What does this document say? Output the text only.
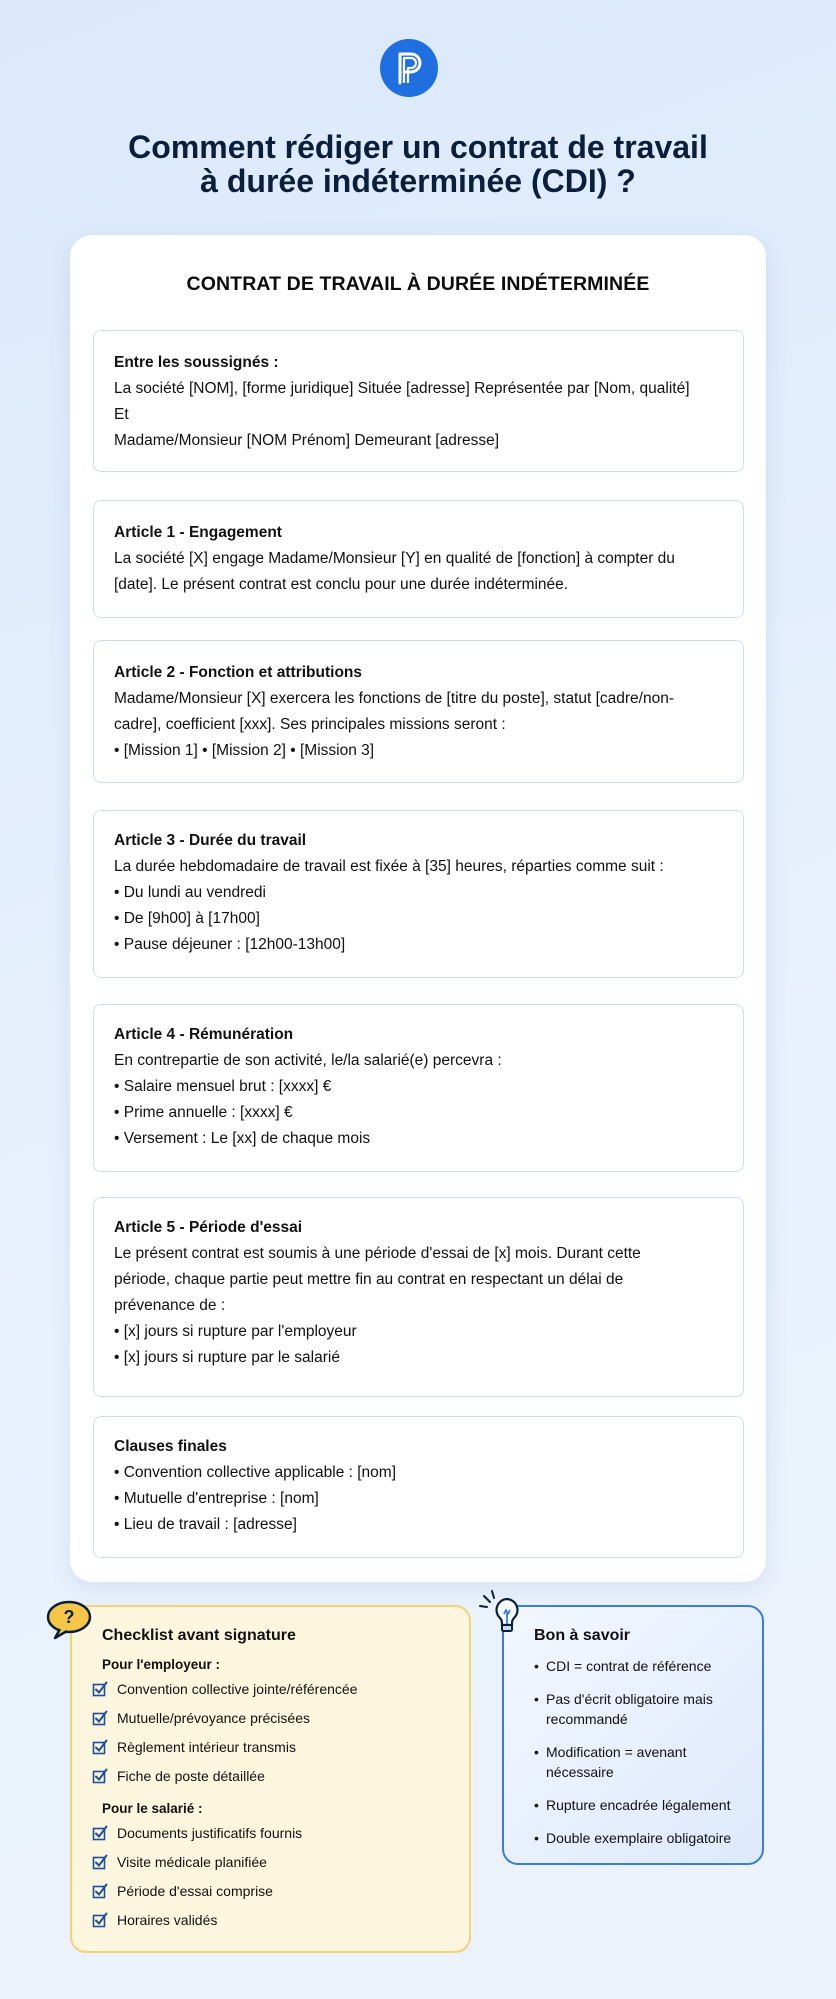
Comment rédiger un contrat de travail
à durée indéterminée (CDI) ?
CONTRAT DE TRAVAIL À DURÉE INDÉTERMINÉE
Entre les soussignés :
La société [NOM], [forme juridique] Située [adresse] Représentée par [Nom, qualité]
Et
Madame/Monsieur [NOM Prénom] Demeurant [adresse]
Article 1 - Engagement
La société [X] engage Madame/Monsieur [Y] en qualité de [fonction] à compter du
[date]. Le présent contrat est conclu pour une durée indéterminée.
Article 2 - Fonction et attributions
Madame/Monsieur [X] exercera les fonctions de [titre du poste], statut [cadre/non-
cadre], coefficient [xxx]. Ses principales missions seront :
• [Mission 1] • [Mission 2] • [Mission 3]
Article 3 - Durée du travail
La durée hebdomadaire de travail est fixée à [35] heures, réparties comme suit :
• Du lundi au vendredi
• De [9h00] à [17h00]
• Pause déjeuner : [12h00-13h00]
Article 4 - Rémunération
En contrepartie de son activité, le/la salarié(e) percevra :
• Salaire mensuel brut : [xxxx] €
• Prime annuelle : [xxxx] €
• Versement : Le [xx] de chaque mois
Article 5 - Période d'essai
Le présent contrat est soumis à une période d'essai de [x] mois. Durant cette
période, chaque partie peut mettre fin au contrat en respectant un délai de
prévenance de :
• [x] jours si rupture par l'employeur
• [x] jours si rupture par le salarié
Clauses finales
• Convention collective applicable : [nom]
• Mutuelle d'entreprise : [nom]
• Lieu de travail : [adresse]
Checklist avant signature
Pour l'employeur :
Convention collective jointe/référencée
Mutuelle/prévoyance précisées
Règlement intérieur transmis
Fiche de poste détaillée
Pour le salarié :
Documents justificatifs fournis
Visite médicale planifiée
Période d'essai comprise
Horaires validés
?
Bon à savoir
• CDI = contrat de référence
• Pas d'écrit obligatoire mais recommandé
• Modification = avenant nécessaire
• Rupture encadrée légalement
• Double exemplaire obligatoire
